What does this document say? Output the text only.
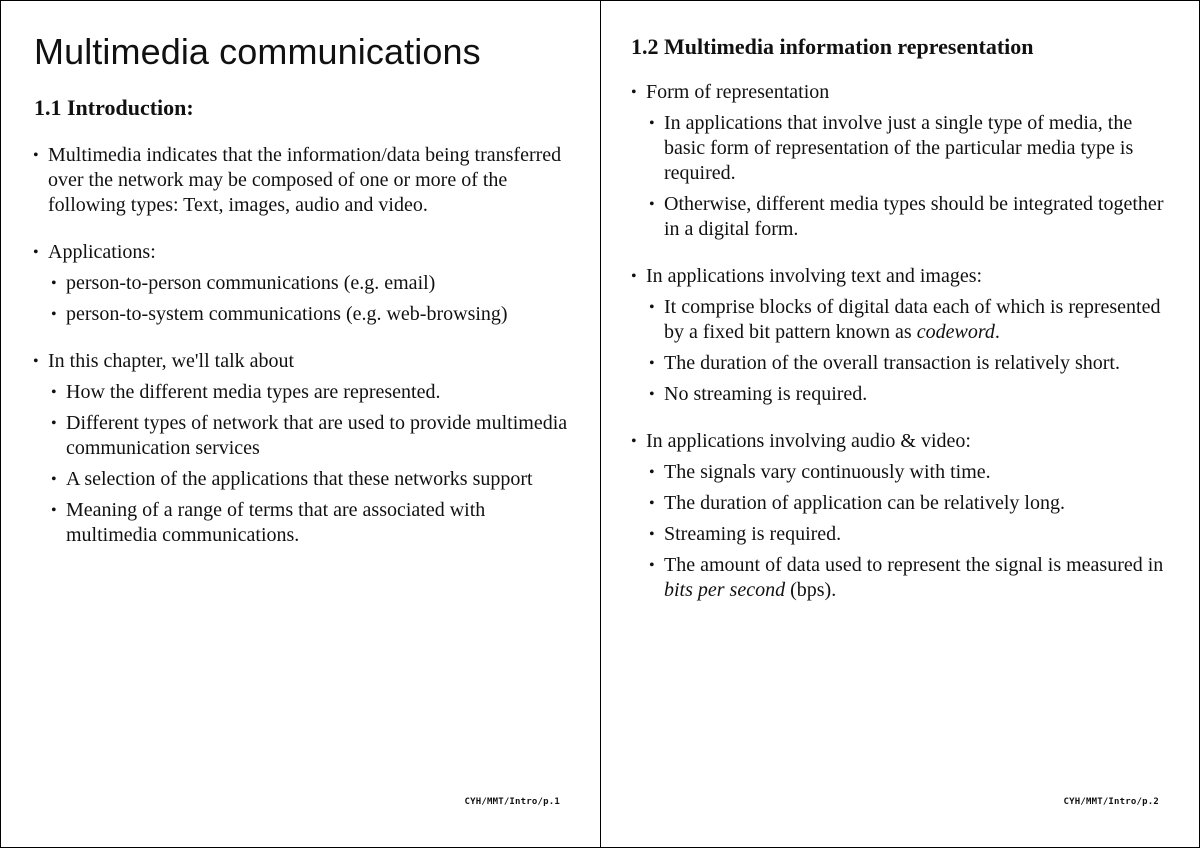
Multimedia communications
1.1 Introduction:
• Multimedia indicates that the information/data being transferred over the network may be composed of one or more of the following types: Text, images, audio and video.
• Applications:
• person-to-person communications (e.g. email)
• person-to-system communications (e.g. web-browsing)
• In this chapter, we'll talk about
• How the different media types are represented.
• Different types of network that are used to provide multimedia communication services
• A selection of the applications that these networks support
• Meaning of a range of terms that are associated with multimedia communications.
CYH/MMT/Intro/p.1
1.2 Multimedia information representation
• Form of representation
• In applications that involve just a single type of media, the basic form of representation of the particular media type is required.
• Otherwise, different media types should be integrated together in a digital form.
• In applications involving text and images:
• It comprise blocks of digital data each of which is represented by a fixed bit pattern known as codeword.
• The duration of the overall transaction is relatively short.
• No streaming is required.
• In applications involving audio & video:
• The signals vary continuously with time.
• The duration of application can be relatively long.
• Streaming is required.
• The amount of data used to represent the signal is measured in bits per second (bps).
CYH/MMT/Intro/p.2
